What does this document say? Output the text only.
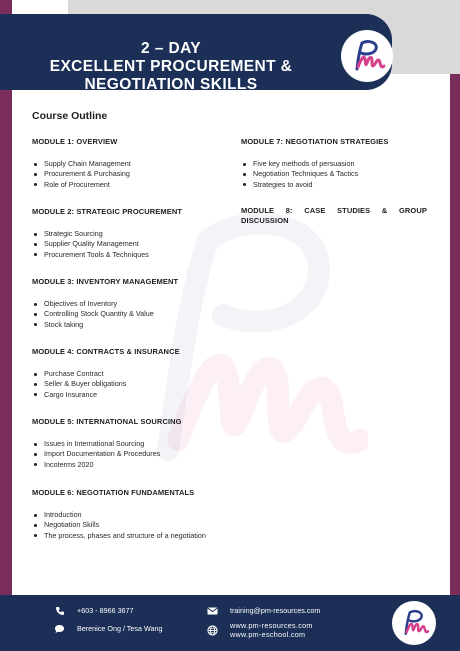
2 – DAY
EXCELLENT PROCUREMENT &
NEGOTIATION SKILLS
Course Outline
MODULE 1: OVERVIEW
Supply Chain Management
Procurement & Purchasing
Role of Procurement
MODULE 2: STRATEGIC PROCUREMENT
Strategic Sourcing
Supplier Quality Management
Procurement Tools & Techniques
MODULE 3: INVENTORY MANAGEMENT
Objectives of Inventory
Controlling Stock Quantity & Value
Stock taking
MODULE 4: CONTRACTS & INSURANCE
Purchase Contract
Seller & Buyer obligations
Cargo Insurance
MODULE 5: INTERNATIONAL SOURCING
Issues in International Sourcing
Import Documentation & Procedures
Incoterms 2020
MODULE 6: NEGOTIATION FUNDAMENTALS
Introduction
Negotiation Skills
The process, phases and structure of a negotiation
MODULE 7: NEGOTIATION STRATEGIES
Five key methods of persuasion
Negotiation Techniques & Tactics
Strategies to avoid
MODULE 8: CASE STUDIES & GROUP DISCUSSION
+603 - 8966 3677
Berenice Ong / Tesa Wang
training@pm-resources.com
www.pm-resources.com
www.pm-eschool.com
